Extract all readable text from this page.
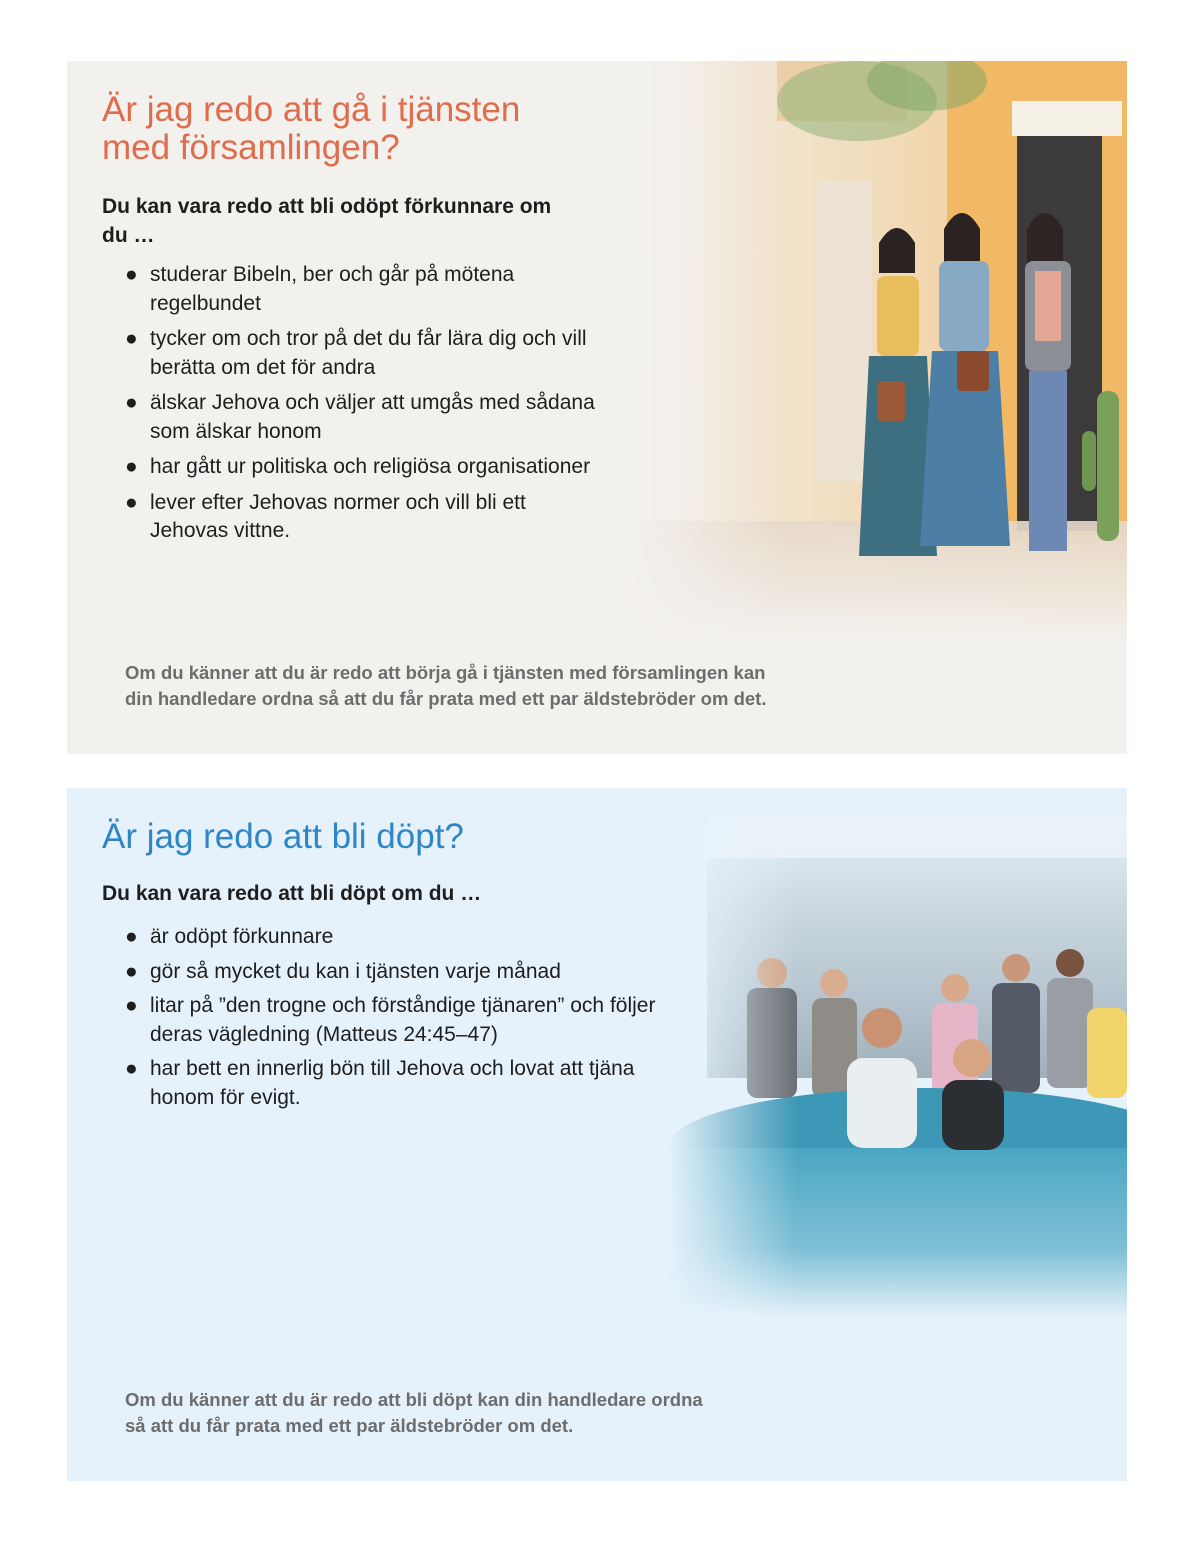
Är jag redo att gå i tjänsten
med församlingen?

Du kan vara redo att bli odöpt förkunnare om du …

● studerar Bibeln, ber och går på mötena regelbundet
● tycker om och tror på det du får lära dig och vill berätta om det för andra
● älskar Jehova och väljer att umgås med sådana som älskar honom
● har gått ur politiska och religiösa organisationer
● lever efter Jehovas normer och vill bli ett Jehovas vittne.

Om du känner att du är redo att börja gå i tjänsten med församlingen kan
din handledare ordna så att du får prata med ett par äldstebröder om det.

Är jag redo att bli döpt?

Du kan vara redo att bli döpt om du …

● är odöpt förkunnare
● gör så mycket du kan i tjänsten varje månad
● litar på ”den trogne och förståndige tjänaren” och följer deras vägledning (Matteus 24:45–47)
● har bett en innerlig bön till Jehova och lovat att tjäna honom för evigt.

Om du känner att du är redo att bli döpt kan din handledare ordna
så att du får prata med ett par äldstebröder om det.
